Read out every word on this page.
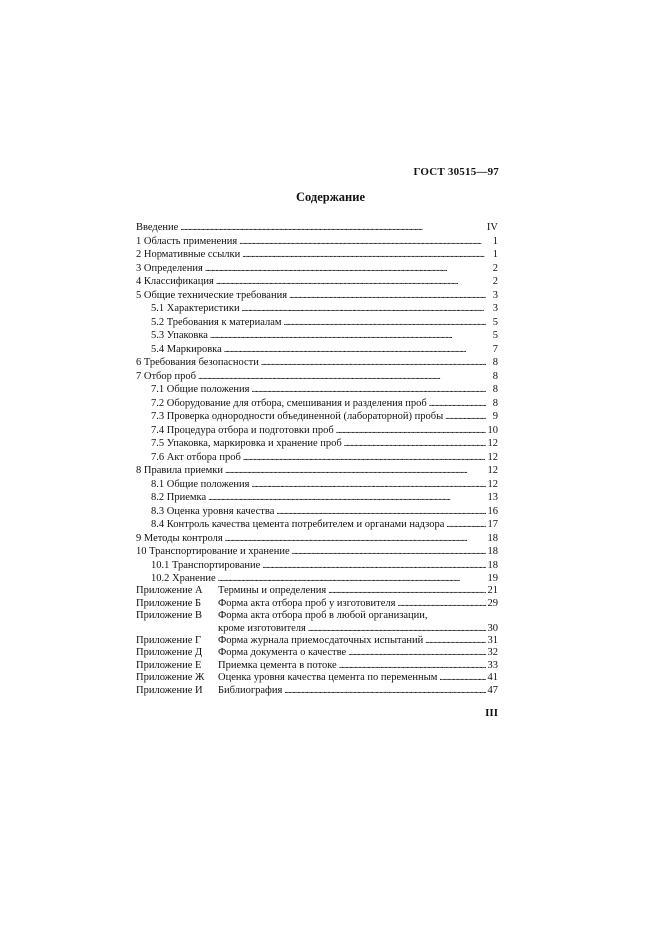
ГОСТ 30515—97
Содержание
Введение . . .	IV
1 Область применения . . .	1
2 Нормативные ссылки . . .	1
3 Определения . . .	2
4 Классификация . . .	2
5 Общие технические требования . . .	3
5.1 Характеристики . . .	3
5.2 Требования к материалам . . .	5
5.3 Упаковка . . .	5
5.4 Маркировка . . .	7
6 Требования безопасности . . .	8
7 Отбор проб . . .	8
7.1 Общие положения . . .	8
7.2 Оборудование для отбора, смешивания и разделения проб . . .	8
7.3 Проверка однородности объединенной (лабораторной) пробы . . .	9
7.4 Процедура отбора и подготовки проб . . .	10
7.5 Упаковка, маркировка и хранение проб . . .	12
7.6 Акт отбора проб . . .	12
8 Правила приемки . . .	12
8.1 Общие положения . . .	12
8.2 Приемка . . .	13
8.3 Оценка уровня качества . . .	16
8.4 Контроль качества цемента потребителем и органами надзора . . .	17
9 Методы контроля . . .	18
10 Транспортирование и хранение . . .	18
10.1 Транспортирование . . .	18
10.2 Хранение . . .	19
Приложение А Термины и определения . . .	21
Приложение Б Форма акта отбора проб у изготовителя . . .	29
Приложение В Форма акта отбора проб в любой организации,
кроме изготовителя . . .	30
Приложение Г Форма журнала приемосдаточных испытаний . . .	31
Приложение Д Форма документа о качестве . . .	32
Приложение Е Приемка цемента в потоке . . .	33
Приложение Ж Оценка уровня качества цемента по переменным . . .	41
Приложение И Библиография . . .	47
III
